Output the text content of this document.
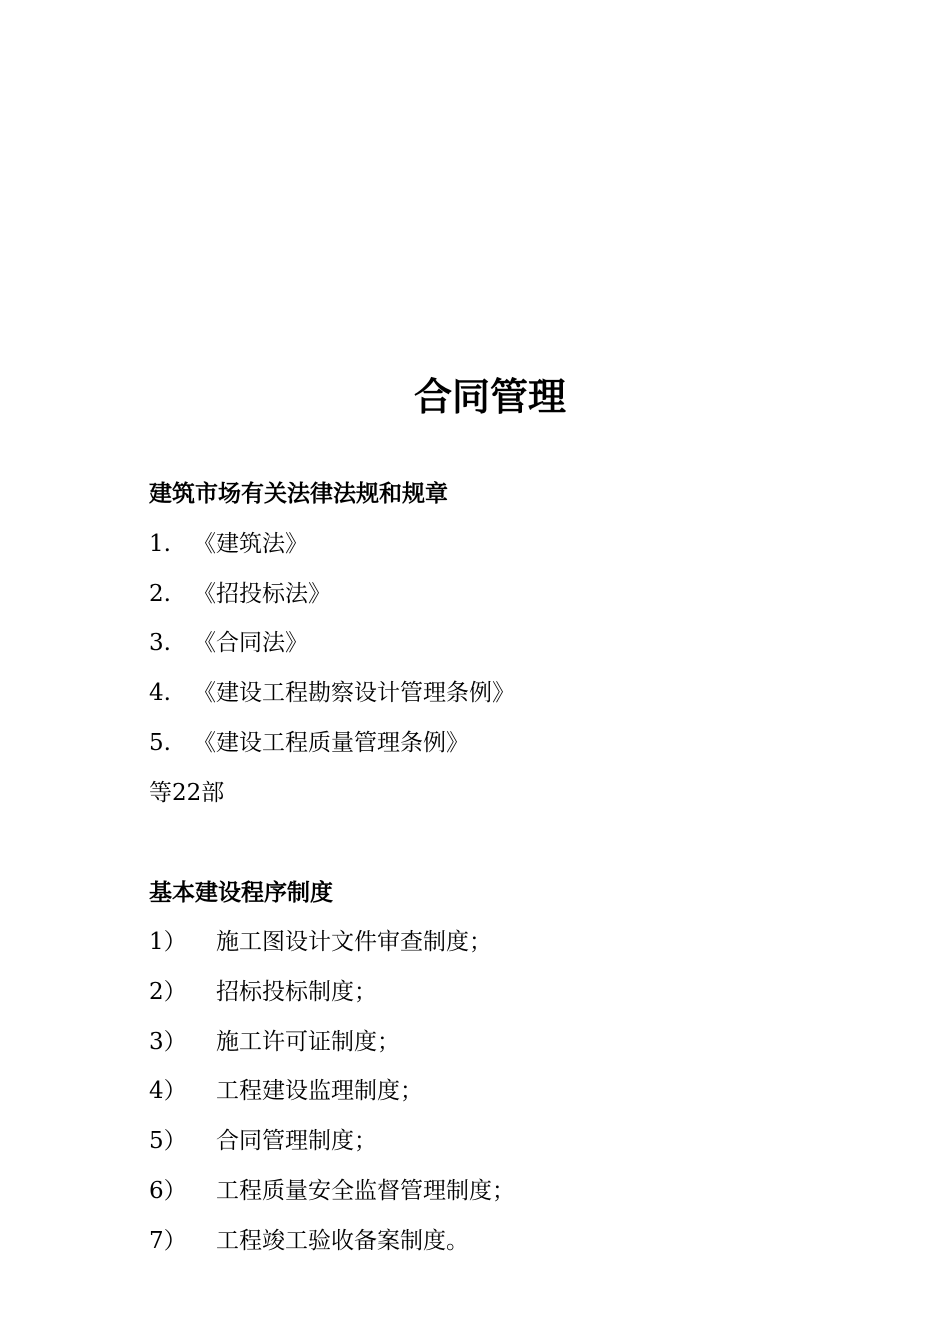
合同管理
建筑市场有关法律法规和规章
1. 《建筑法》
2. 《招投标法》
3. 《合同法》
4. 《建设工程勘察设计管理条例》
5. 《建设工程质量管理条例》
等22部
基本建设程序制度
1） 施工图设计文件审查制度；
2） 招标投标制度；
3） 施工许可证制度；
4） 工程建设监理制度；
5） 合同管理制度；
6） 工程质量安全监督管理制度；
7） 工程竣工验收备案制度。
